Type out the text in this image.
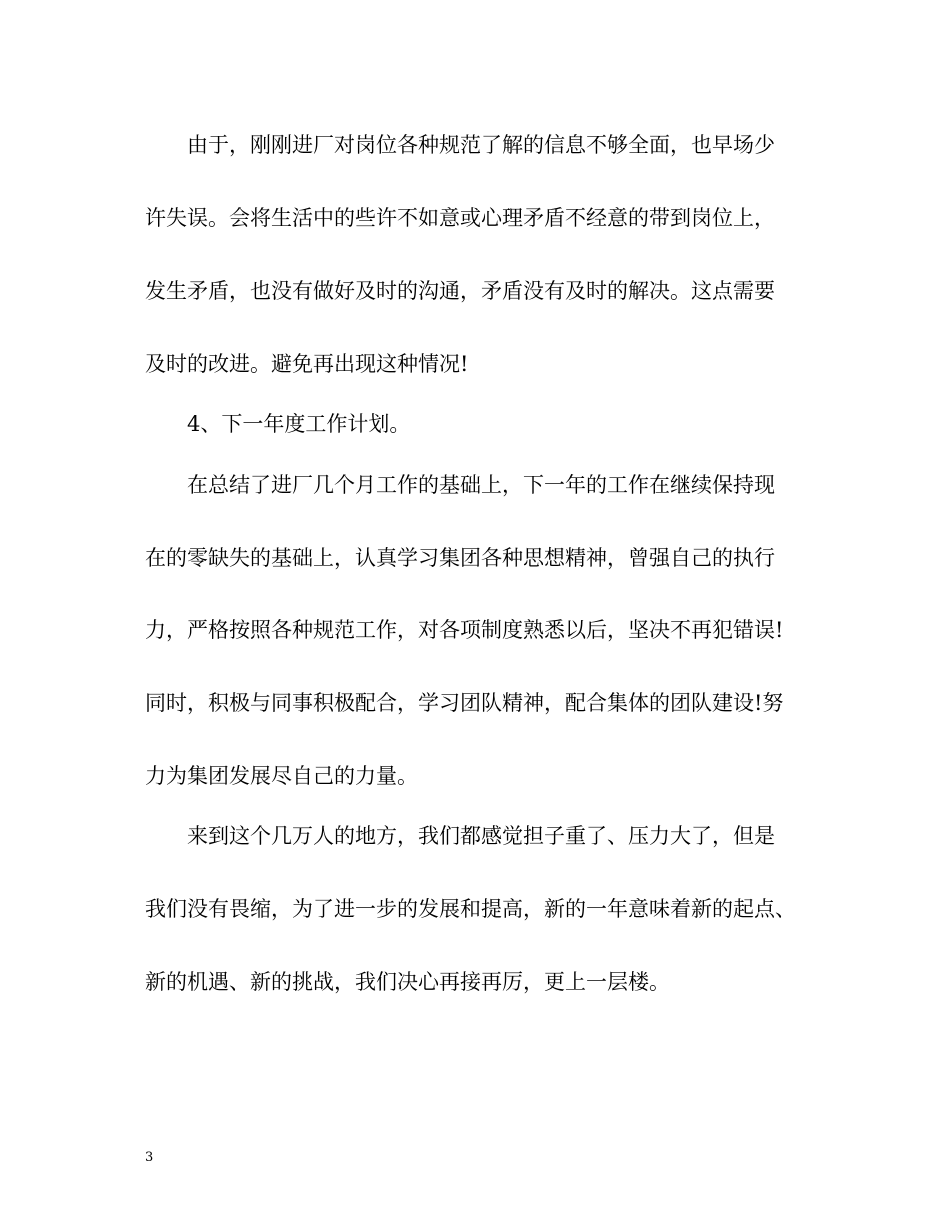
由于，刚刚进厂对岗位各种规范了解的信息不够全面，也早场少
许失误。会将生活中的些许不如意或心理矛盾不经意的带到岗位上，
发生矛盾，也没有做好及时的沟通，矛盾没有及时的解决。这点需要
及时的改进。避免再出现这种情况!
4、下一年度工作计划。
在总结了进厂几个月工作的基础上，下一年的工作在继续保持现
在的零缺失的基础上，认真学习集团各种思想精神，曾强自己的执行
力，严格按照各种规范工作，对各项制度熟悉以后，坚决不再犯错误!
同时，积极与同事积极配合，学习团队精神，配合集体的团队建设!努
力为集团发展尽自己的力量。
来到这个几万人的地方，我们都感觉担子重了、压力大了，但是
我们没有畏缩，为了进一步的发展和提高，新的一年意味着新的起点、
新的机遇、新的挑战，我们决心再接再厉，更上一层楼。
3
